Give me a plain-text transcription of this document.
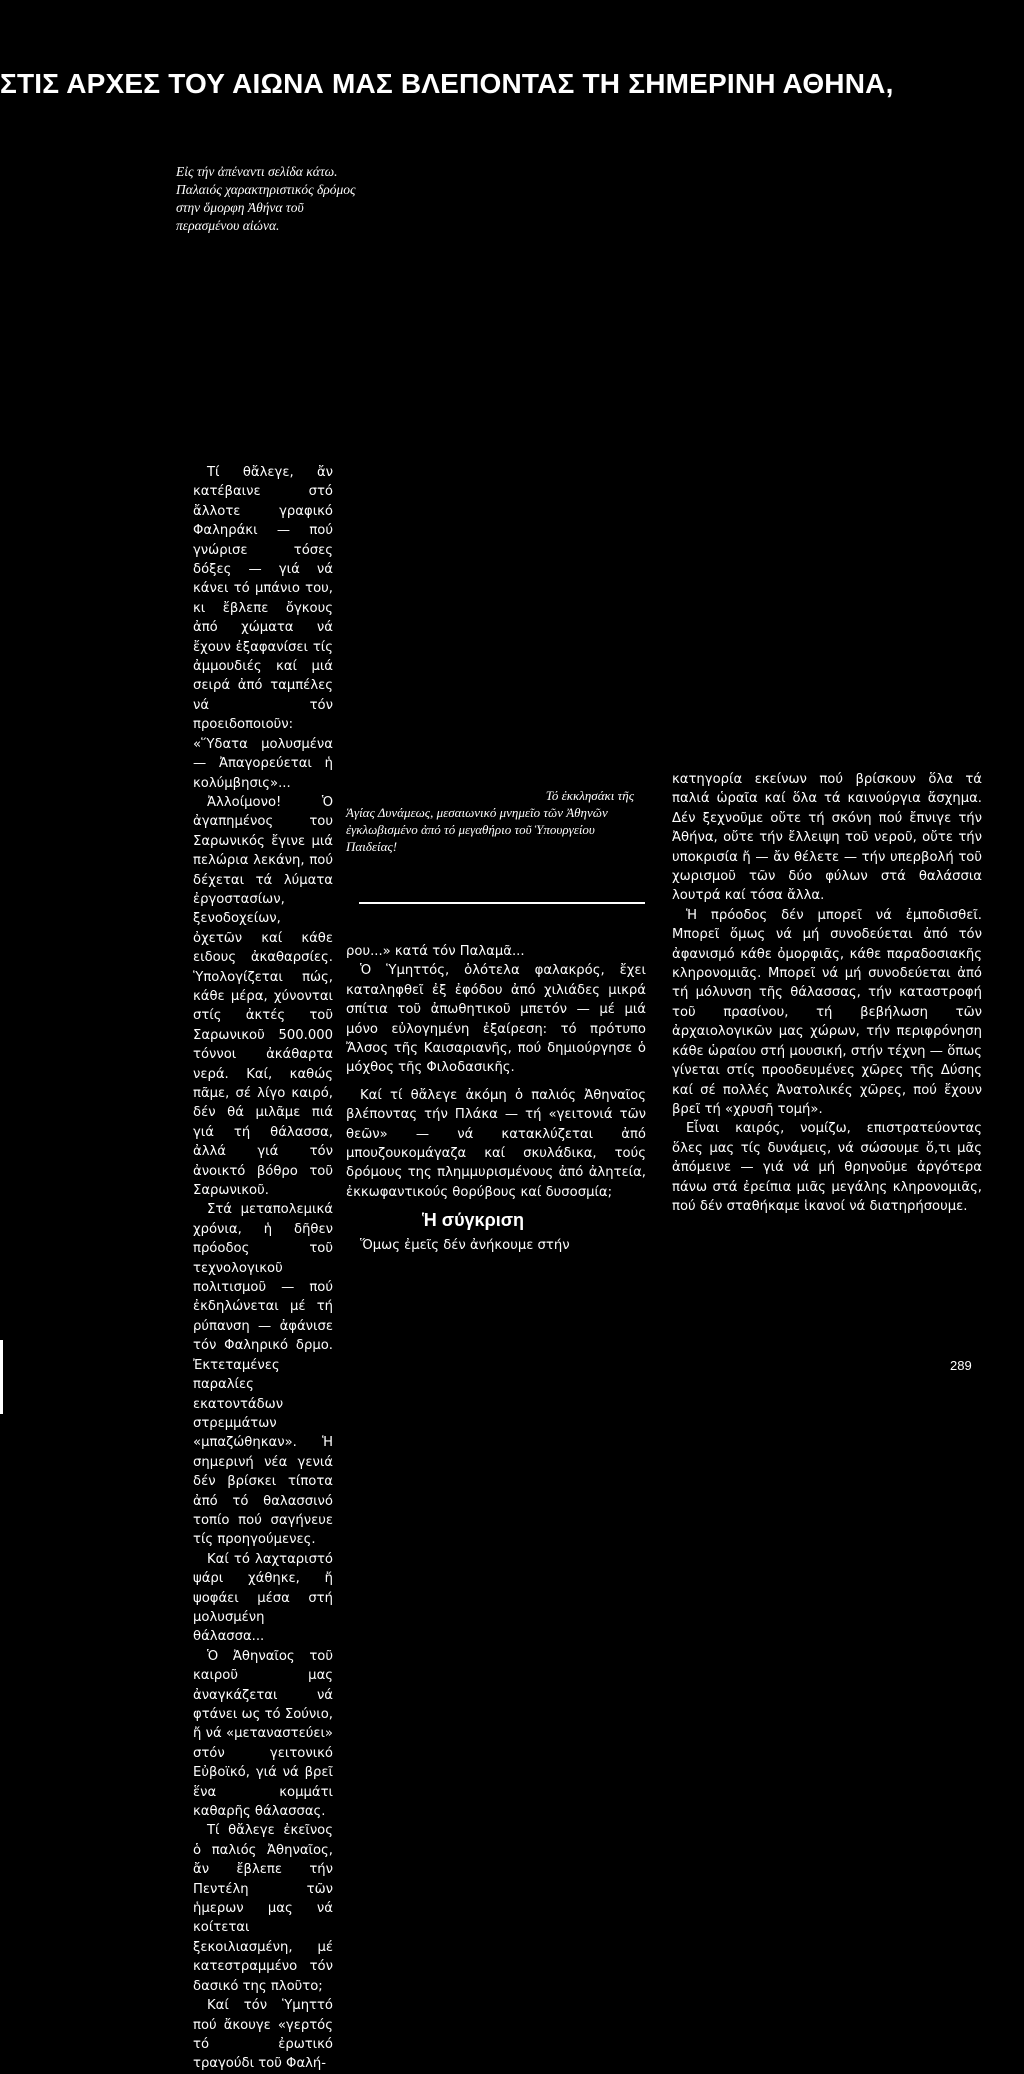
ΣΤΙΣ ΑΡΧΕΣ ΤΟΥ ΑΙΩΝΑ ΜΑΣ ΒΛΕΠΟΝΤΑΣ ΤΗ ΣΗΜΕΡΙΝΗ ΑΘΗΝΑ,
Εἰς τήν ἀπέναντι σελίδα κάτω. Παλαιός χαρακτηριστικός δρόμος στην ὅμορφη Ἀθήνα τοῦ περασμένου αἰώνα.

Τί θἄλεγε, ἄν κατέβαινε στό ἄλλοτε γραφικό Φαληράκι — πού γνώρισε τόσες δόξες — γιά νά κάνει τό μπάνιο του, κι ἔβλεπε ὄγκους ἀπό χώματα νά ἔχουν ἐξαφανίσει τίς ἀμμουδιές καί μιά σειρά ἀπό ταμπέλες νά τόν προειδοποιοῦν: «Ὕδατα μολυσμένα — Ἀπαγορεύεται ἡ κολύμβησις»...

Ἀλλοίμονο! Ὁ ἀγαπημένος του Σαρωνικός ἔγινε μιά πελώρια λεκάνη, πού δέχεται τά λύματα ἐργοστασίων, ξενοδοχείων, ὀχετῶν καί κάθε ειδους ἀκαθαρσίες. Ὑπολογίζεται πώς, κάθε μέρα, χύνονται στίς ἀκτές τοῦ Σαρωνικοῦ 500.000 τόννοι ἀκάθαρτα νερά. Καί, καθώς πᾶμε, σέ λίγο καιρό, δέν θά μιλᾶμε πιά γιά τή θάλασσα, ἀλλά γιά τόν ἀνοικτό βόθρο τοῦ Σαρωνικοῦ.

Στά μεταπολεμικά χρόνια, ἡ δῆθεν πρόοδος τοῦ τεχνολογικοῦ πολιτισμοῦ — πού ἐκδηλώνεται μέ τή ρύπανση — ἀφάνισε τόν Φαληρικό δρμο. Ἐκτεταμένες παραλίες εκατοντάδων στρεμμάτων «μπαζώθηκαν». Ἡ σημερινή νέα γενιά δέν βρίσκει τίποτα ἀπό τό θαλασσινό τοπίο πού σαγήνευε τίς προηγούμενες.

Καί τό λαχταριστό ψάρι χάθηκε, ἤ ψοφάει μέσα στή μολυσμένη θάλασσα...

Ὁ Ἀθηναῖος τοῦ καιροῦ μας ἀναγκάζεται νά φτάνει ως τό Σούνιο, ἤ νά «μεταναστεύει» στόν γειτονικό Εὐβοϊκό, γιά νά βρεῖ ἕνα κομμάτι καθαρῆς θάλασσας.

Τί θἄλεγε ἐκεῖνος ὁ παλιός Ἀθηναῖος, ἄν ἔβλεπε τήν Πεντέλη τῶν ἡμερων μας νά κοίτεται ξεκοιλιασμένη, μέ κατεστραμμένο τόν δασικό της πλοῦτο;

Καί τόν Ὑμηττό πού ἄκουγε «γερτός τό ἐρωτικό τραγούδι τοῦ Φαλή-

Τό ἐκκλησάκι τῆς
Ἁγίας Δυνάμεως, μεσαιωνικό μνημεῖο τῶν Ἀθηνῶν ἐγκλωβισμένο ἀπό τό μεγαθήριο τοῦ Ὑπουργείου Παιδείας!

ρου...» κατά τόν Παλαμᾶ...

Ὁ Ὑμηττός, ὁλότελα φαλακρός, ἔχει καταληφθεῖ ἐξ ἐφόδου ἀπό χιλιάδες μικρά σπίτια τοῦ ἀπωθητικοῦ μπετόν — μέ μιά μόνο εὐλογημένη ἐξαίρεση: τό πρότυπο Ἄλσος τῆς Καισαριανῆς, πού δημιούργησε ὁ μόχθος τῆς Φιλοδασικῆς.

Καί τί θἄλεγε ἀκόμη ὁ παλιός Ἀθηναῖος βλέποντας τήν Πλάκα — τή «γειτονιά τῶν θεῶν» — νά κατακλύζεται ἀπό μπουζουκομάγαζα καί σκυλάδικα, τούς δρόμους της πλημμυρισμένους ἀπό ἀλητεία, ἐκκωφαντικούς θορύβους καί δυσοσμία;

Ἡ σύγκριση

Ὅμως ἐμεῖς δέν ἀνήκουμε στήν

κατηγορία εκείνων πού βρίσκουν ὅλα τά παλιά ὡραῖα καί ὅλα τά καινούργια ἄσχημα. Δέν ξεχνοῦμε οὔτε τή σκόνη πού ἔπνιγε τήν Ἀθήνα, οὔτε τήν ἔλλειψη τοῦ νεροῦ, οὔτε τήν υποκρισία ἤ — ἄν θέλετε — τήν υπερβολή τοῦ χωρισμοῦ τῶν δύο φύλων στά θαλάσσια λουτρά καί τόσα ἄλλα.

Ἡ πρόοδος δέν μπορεῖ νά ἐμποδισθεῖ. Μπορεῖ ὅμως νά μή συνοδεύεται ἀπό τόν ἀφανισμό κάθε ὀμορφιᾶς, κάθε παραδοσιακῆς κληρονομιᾶς. Μπορεῖ νά μή συνοδεύεται ἀπό τή μόλυνση τῆς θάλασσας, τήν καταστροφή τοῦ πρασίνου, τή βεβήλωση τῶν ἀρχαιολογικῶν μας χώρων, τήν περιφρόνηση κάθε ὡραίου στή μουσική, στήν τέχνη — ὅπως γίνεται στίς προοδευμένες χῶρες τῆς Δύσης καί σέ πολλές Ἀνατολικές χῶρες, πού ἔχουν βρεῖ τή «χρυσῆ τομή».

Εἶναι καιρός, νομίζω, επιστρατεύοντας ὅλες μας τίς δυνάμεις, νά σώσουμε ὅ,τι μᾶς ἀπόμεινε — γιά νά μή θρηνοῦμε ἀργότερα πάνω στά ἐρείπια μιᾶς μεγάλης κληρονομιᾶς, πού δέν σταθήκαμε ἱκανοί νά διατηρήσουμε.

289
